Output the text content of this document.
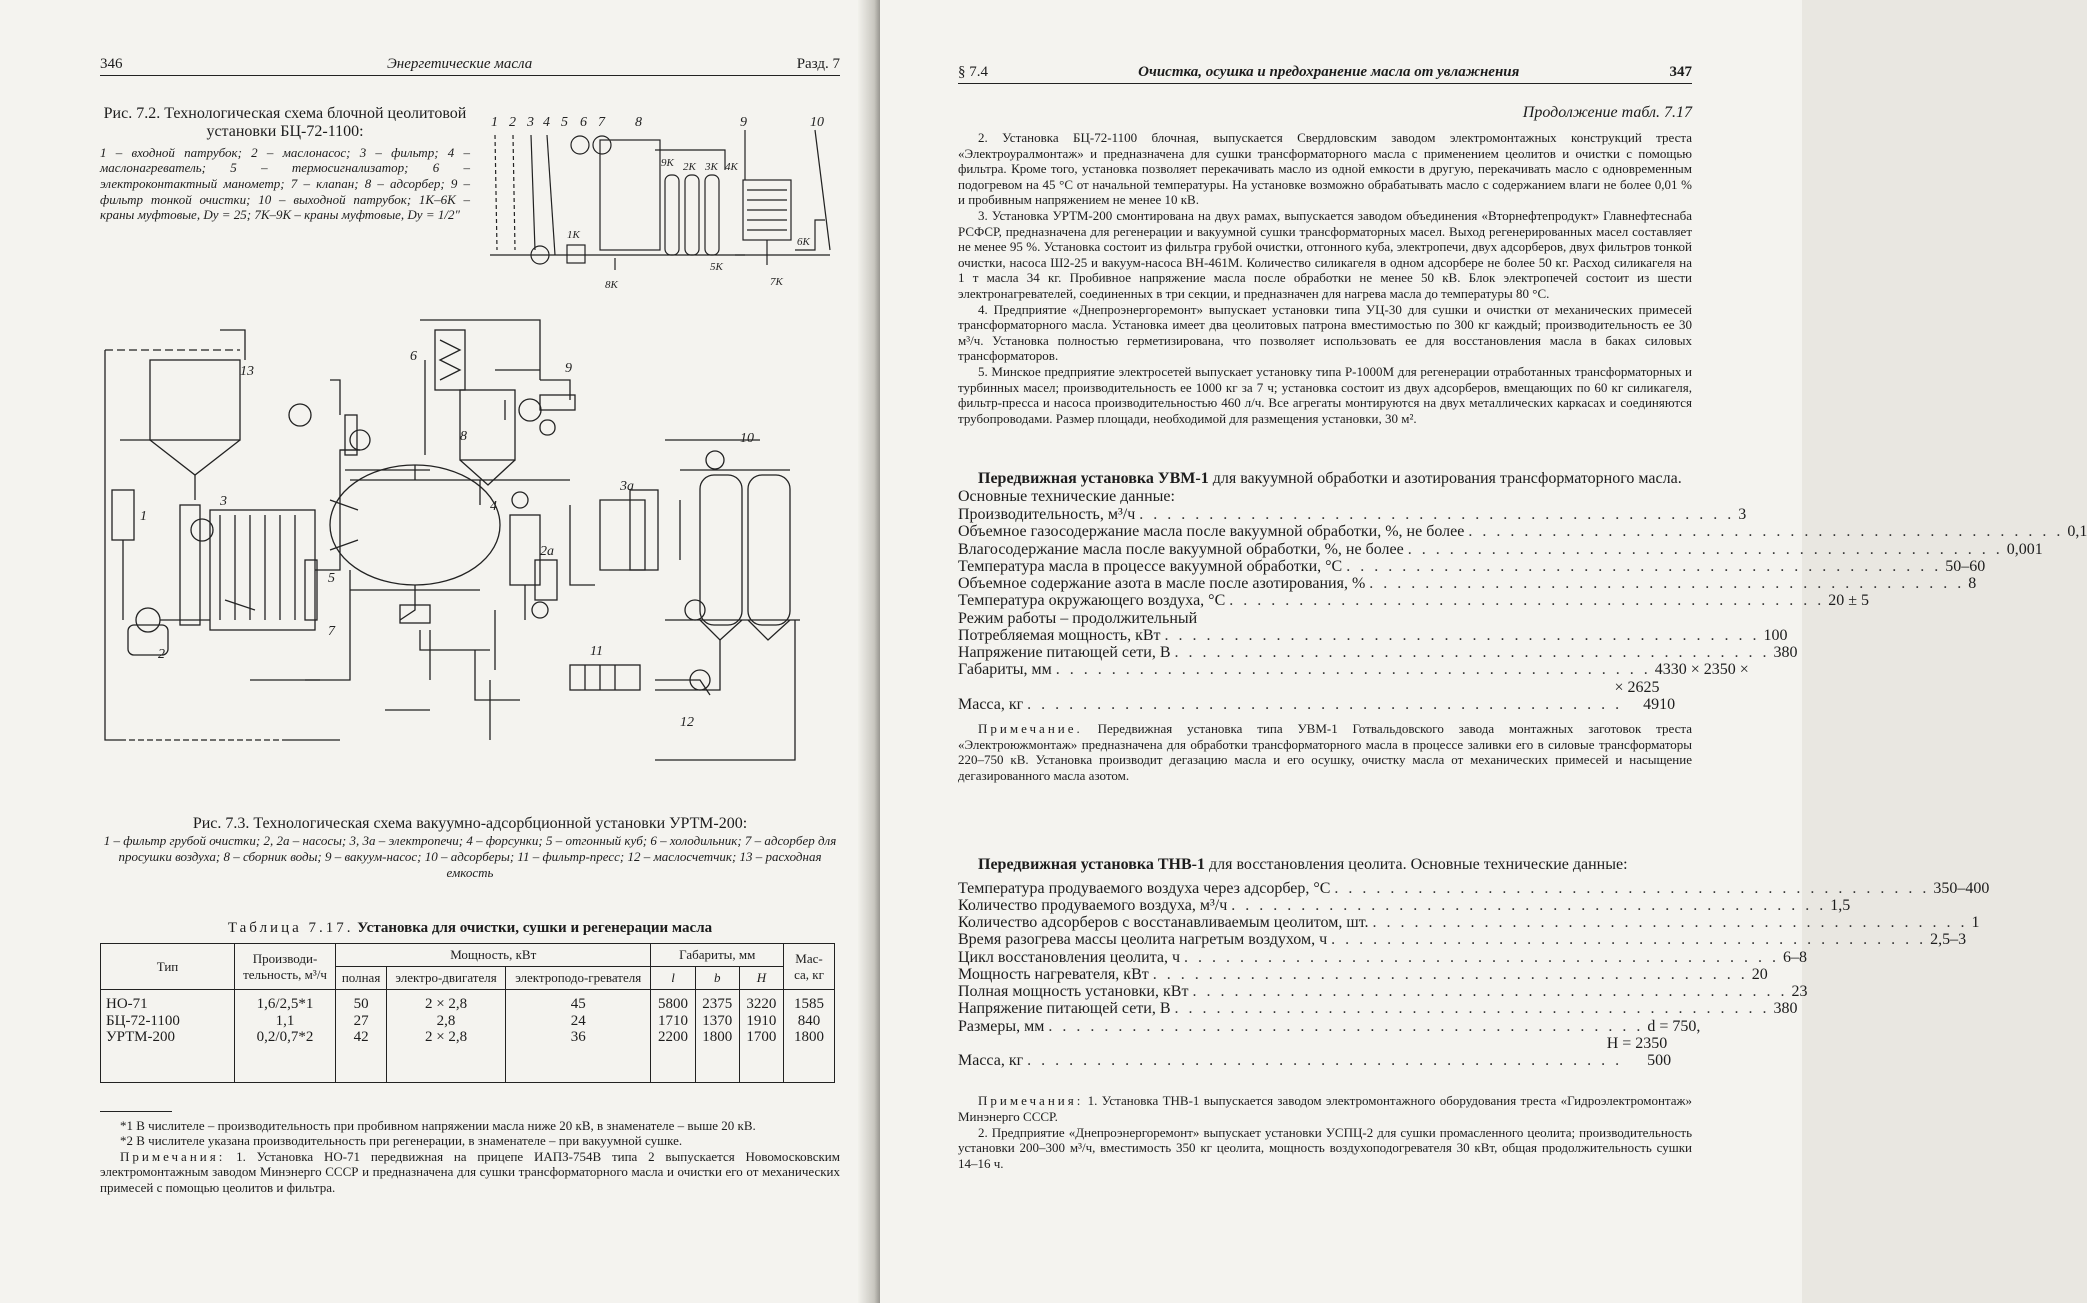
346	Энергетические масла	Разд. 7
Рис. 7.2. Технологическая схема блочной цеолитовой установки БЦ-72-1100:
1 – входной патрубок; 2 – маслонасос; 3 – фильтр; 4 – маслонагреватель; 5 – термосигнализатор; 6 – электроконтактный манометр; 7 – клапан; 8 – адсорбер; 9 – фильтр тонкой очистки; 10 – выходной патрубок; 1К–6К – краны муфтовые, Dy = 25; 7К–9К – краны муфтовые, Dy = 1/2″
1 2 3 4 5 6 7 8	9	10
9К 2К 3К 4К
1К
8К
5К
7К
6К
1
2
3
3а
4
5
6
7
8
9
10
11
12
13
2а
Рис. 7.3. Технологическая схема вакуумно-адсорбционной установки УРТМ-200:
1 – фильтр грубой очистки; 2, 2а – насосы; 3, 3а – электропечи; 4 – форсунки; 5 – отгонный куб; 6 – холодильник; 7 – адсорбер для просушки воздуха; 8 – сборник воды; 9 – вакуум-насос; 10 – адсорберы; 11 – фильтр-пресс; 12 – маслосчетчик; 13 – расходная емкость
Таблица 7.17. Установка для очистки, сушки и регенерации масла
Тип	Производи-тельность, м³/ч	Мощность, кВт			Габариты, мм			Мас-са, кг
		полная	электро-двигателя	электроподо-гревателя	l	b	H	
НО-71	1,6/2,5*1	50	2 × 2,8	45	5800	2375	3220	1585
БЦ-72-1100	1,1	27	2,8	24	1710	1370	1910	840
УРТМ-200	0,2/0,7*2	42	2 × 2,8	36	2200	1800	1700	1800

*1 В числителе – производительность при пробивном напряжении масла ниже 20 кВ, в знаменателе – выше 20 кВ.

*2 В числителе указана производительность при регенерации, в знаменателе – при вакуумной сушке.

Примечания: 1. Установка НО-71 передвижная на прицепе ИАПЗ-754В типа 2 выпускается Новомосковским электромонтажным заводом Минэнерго СССР и предназначена для сушки трансформаторного масла и очистки его от механических примесей с помощью цеолитов и фильтра.

§ 7.4	Очистка, осушка и предохранение масла от увлажнения	347
Продолжение табл. 7.17

2. Установка БЦ-72-1100 блочная, выпускается Свердловским заводом электромонтажных конструкций треста «Электроуралмонтаж» и предназначена для сушки трансформаторного масла с применением цеолитов и очистки с помощью фильтра. Кроме того, установка позволяет перекачивать масло из одной емкости в другую, перекачивать масло с одновременным подогревом на 45 °С от начальной температуры. На установке возможно обрабатывать масло с содержанием влаги не более 0,01 % и пробивным напряжением не менее 10 кВ.

3. Установка УРТМ-200 смонтирована на двух рамах, выпускается заводом объединения «Вторнефтепродукт» Главнефтеснаба РСФСР, предназначена для регенерации и вакуумной сушки трансформаторных масел. Выход регенерированных масел составляет не менее 95 %. Установка состоит из фильтра грубой очистки, отгонного куба, электропечи, двух адсорберов, двух фильтров тонкой очистки, насоса Ш2-25 и вакуум-насоса ВН-461М. Количество силикагеля в одном адсорбере не более 50 кг. Расход силикагеля на 1 т масла 34 кг. Пробивное напряжение масла после обработки не менее 50 кВ. Блок электропечей состоит из шести электронагревателей, соединенных в три секции, и предназначен для нагрева масла до температуры 80 °С.

4. Предприятие «Днепроэнергоремонт» выпускает установки типа УЦ-30 для сушки и очистки от механических примесей трансформаторного масла. Установка имеет два цеолитовых патрона вместимостью по 300 кг каждый; производительность ее 30 м³/ч. Установка полностью герметизирована, что позволяет использовать ее для восстановления масла в баках силовых трансформаторов.

5. Минское предприятие электросетей выпускает установку типа Р-1000М для регенерации отработанных трансформаторных и турбинных масел; производительность ее 1000 кг за 7 ч; установка состоит из двух адсорберов, вмещающих по 60 кг силикагеля, фильтр-пресса и насоса производительностью 460 л/ч. Все агрегаты монтируются на двух металлических каркасах и соединяются трубопроводами. Размер площади, необходимой для размещения установки, 30 м².

Передвижная установка УВМ-1 для вакуумной обработки и азотирования трансформаторного масла. Основные технические данные:

Производительность, м³/ч . . . . . . . . . . . . . . . . . . . . . . . . . . . . . . . . . . . . . . . . . . . 3
Объемное газосодержание масла после вакуумной обработки, %, не более . . . . . . . . . . . . . . . . . . . . . . . . . . . . . . . . . . . . . . . . . . . 0,1
Влагосодержание масла после вакуумной обработки, %, не более . . . . . . . . . . . . . . . . . . . . . . . . . . . . . . . . . . . . . . . . . . . 0,001
Температура масла в процессе вакуумной обработки, °С . . . . . . . . . . . . . . . . . . . . . . . . . . . . . . . . . . . . . . . . . . . 50–60
Объемное содержание азота в масле после азотирования, % . . . . . . . . . . . . . . . . . . . . . . . . . . . . . . . . . . . . . . . . . . . 8
Температура окружающего воздуха, °С . . . . . . . . . . . . . . . . . . . . . . . . . . . . . . . . . . . . . . . . . . . 20 ± 5
Режим работы – продолжительный
Потребляемая мощность, кВт . . . . . . . . . . . . . . . . . . . . . . . . . . . . . . . . . . . . . . . . . . . 100
Напряжение питающей сети, В . . . . . . . . . . . . . . . . . . . . . . . . . . . . . . . . . . . . . . . . . . . 380
Габариты, мм . . . . . . . . . . . . . . . . . . . . . . . . . . . . . . . . . . . . . . . . . . . 4330 × 2350 ×
× 2625
Масса, кг . . . . . . . . . . . . . . . . . . . . . . . . . . . . . . . . . . . . . . . . . . .	4910

Примечание. Передвижная установка типа УВМ-1 Готвальдовского завода монтажных заготовок треста «Электроюжмонтаж» предназначена для обработки трансформаторного масла в процессе заливки его в силовые трансформаторы 220–750 кВ. Установка производит дегазацию масла и его осушку, очистку масла от механических примесей и насыщение дегазированного масла азотом.

Передвижная установка ТНВ-1 для восстановления цеолита. Основные технические данные:

Температура продуваемого воздуха через адсорбер, °С . . . . . . . . . . . . . . . . . . . . . . . . . . . . . . . . . . . . . . . . . . . 350–400
Количество продуваемого воздуха, м³/ч . . . . . . . . . . . . . . . . . . . . . . . . . . . . . . . . . . . . . . . . . . . 1,5
Количество адсорберов с восстанавливаемым цеолитом, шт. . . . . . . . . . . . . . . . . . . . . . . . . . . . . . . . . . . . . . . . . . . . 1
Время разогрева массы цеолита нагретым воздухом, ч . . . . . . . . . . . . . . . . . . . . . . . . . . . . . . . . . . . . . . . . . . . 2,5–3
Цикл восстановления цеолита, ч . . . . . . . . . . . . . . . . . . . . . . . . . . . . . . . . . . . . . . . . . . . 6–8
Мощность нагревателя, кВт . . . . . . . . . . . . . . . . . . . . . . . . . . . . . . . . . . . . . . . . . . . 20
Полная мощность установки, кВт . . . . . . . . . . . . . . . . . . . . . . . . . . . . . . . . . . . . . . . . . . . 23
Напряжение питающей сети, В . . . . . . . . . . . . . . . . . . . . . . . . . . . . . . . . . . . . . . . . . . . 380
Размеры, мм . . . . . . . . . . . . . . . . . . . . . . . . . . . . . . . . . . . . . . . . . . . d = 750,
H = 2350
Масса, кг . . . . . . . . . . . . . . . . . . . . . . . . . . . . . . . . . . . . . . . . . . .	500

Примечания: 1. Установка ТНВ-1 выпускается заводом электромонтажного оборудования треста «Гидроэлектромонтаж» Минэнерго СССР.

2. Предприятие «Днепроэнергоремонт» выпускает установки УСПЦ-2 для сушки промасленного цеолита; производительность установки 200–300 м³/ч, вместимость 350 кг цеолита, мощность воздухоподогревателя 30 кВт, общая продолжительность сушки 14–16 ч.
